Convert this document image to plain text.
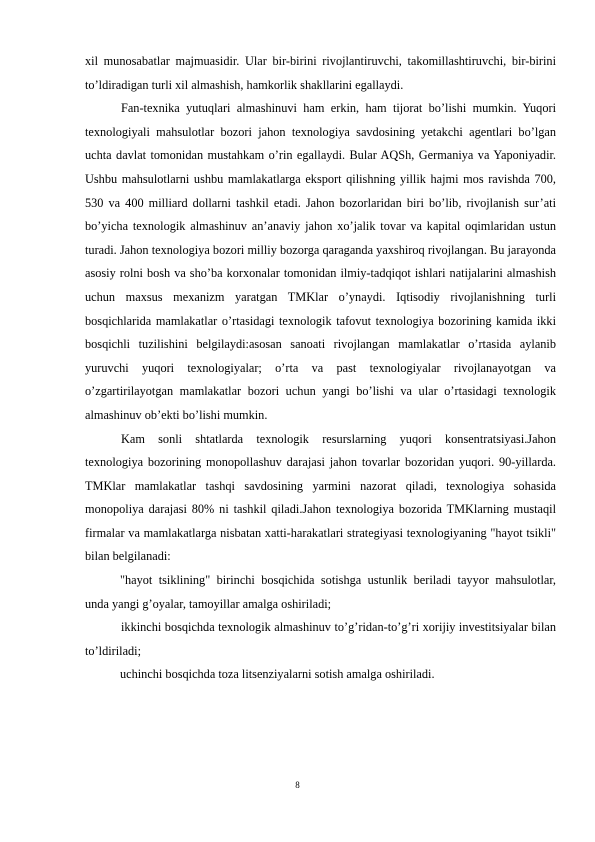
xil munosabatlar majmuasidir. Ular bir-birini rivojlantiruvchi, takomillashtiruvchi, bir-birini to’ldiradigan turli xil almashish, hamkorlik shakllarini egallaydi.

Fan-texnika yutuqlari almashinuvi ham erkin, ham tijorat bo’lishi mumkin. Yuqori texnologiyali mahsulotlar bozori jahon texnologiya savdosining yetakchi agentlari bo’lgan uchta davlat tomonidan mustahkam o’rin egallaydi. Bular AQSh, Germaniya va Yaponiyadir. Ushbu mahsulotlarni ushbu mamlakatlarga eksport qilishning yillik hajmi mos ravishda 700, 530 va 400 milliard dollarni tashkil etadi. Jahon bozorlaridan biri bo’lib, rivojlanish sur’ati bo’yicha texnologik almashinuv an’anaviy jahon xo’jalik tovar va kapital oqimlaridan ustun turadi. Jahon texnologiya bozori milliy bozorga qaraganda yaxshiroq rivojlangan. Bu jarayonda asosiy rolni bosh va sho’ba korxonalar tomonidan ilmiy-tadqiqot ishlari natijalarini almashish uchun maxsus mexanizm yaratgan TMKlar o’ynaydi. Iqtisodiy rivojlanishning turli bosqichlarida mamlakatlar o’rtasidagi texnologik tafovut texnologiya bozorining kamida ikki bosqichli tuzilishini belgilaydi:asosan sanoati rivojlangan mamlakatlar o’rtasida aylanib yuruvchi yuqori texnologiyalar; o’rta va past texnologiyalar rivojlanayotgan va o’zgartirilayotgan mamlakatlar bozori uchun yangi bo’lishi va ular o’rtasidagi texnologik almashinuv ob’ekti bo’lishi mumkin.

Kam sonli shtatlarda texnologik resurslarning yuqori konsentratsiyasi.Jahon texnologiya bozorining monopollashuv darajasi jahon tovarlar bozoridan yuqori. 90-yillarda. TMKlar mamlakatlar tashqi savdosining yarmini nazorat qiladi, texnologiya sohasida monopoliya darajasi 80% ni tashkil qiladi.Jahon texnologiya bozorida TMKlarning mustaqil firmalar va mamlakatlarga nisbatan xatti-harakatlari strategiyasi texnologiyaning "hayot tsikli" bilan belgilanadi:

"hayot tsiklining" birinchi bosqichida sotishga ustunlik beriladi tayyor mahsulotlar, unda yangi g’oyalar, tamoyillar amalga oshiriladi;

ikkinchi bosqichda texnologik almashinuv to’g’ridan-to’g’ri xorijiy investitsiyalar bilan to’ldiriladi;

uchinchi bosqichda toza litsenziyalarni sotish amalga oshiriladi.

8
